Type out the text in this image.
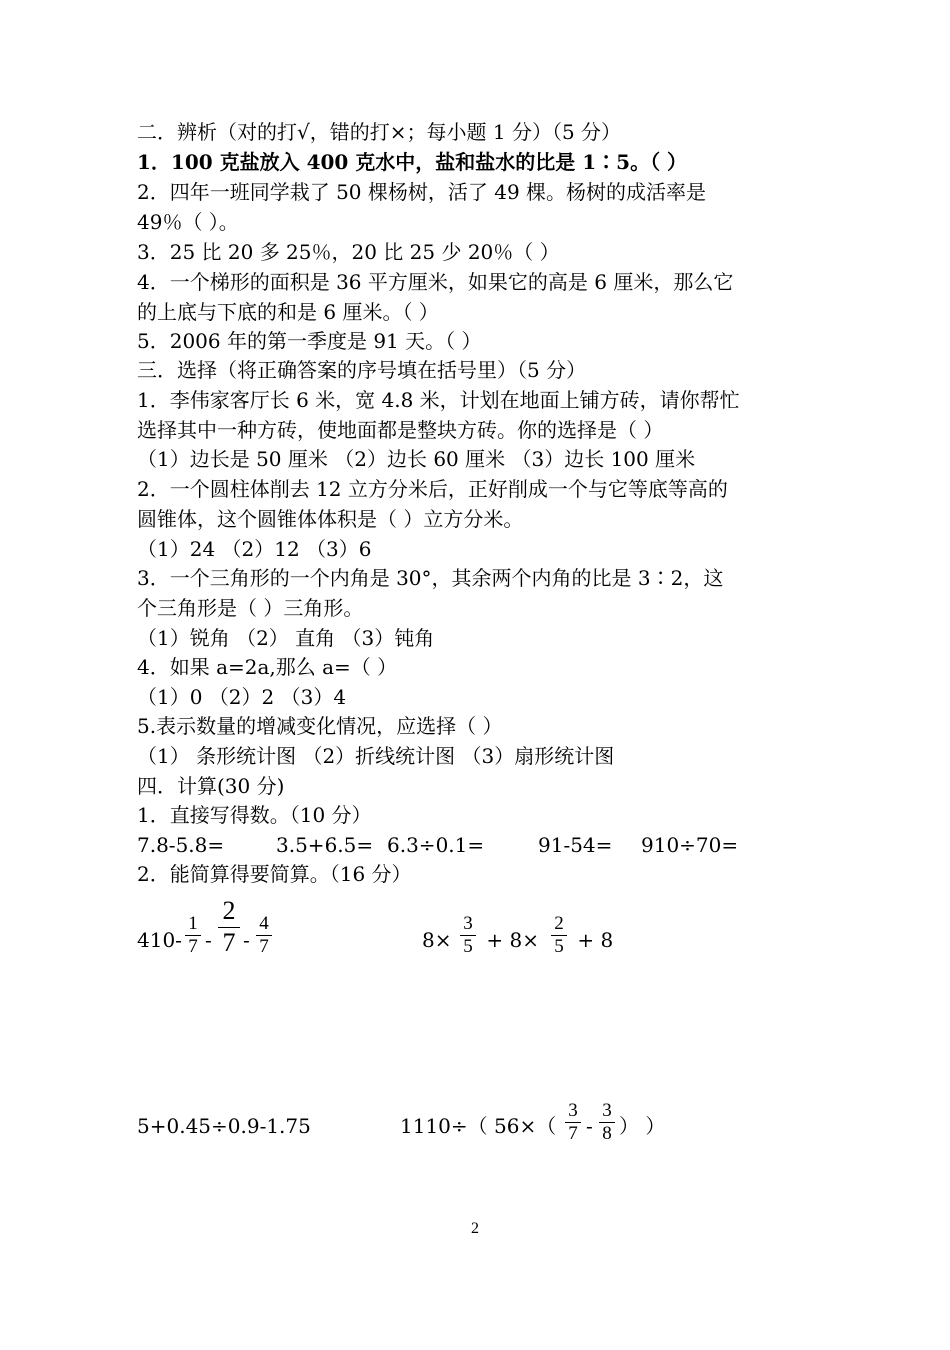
二．辨析（对的打√，错的打×；每小题 1 分）（5 分）
1．100 克盐放入 400 克水中，盐和盐水的比是 1∶5。（ ）
2．四年一班同学栽了 50 棵杨树，活了 49 棵。杨树的成活率是
49％（ ）。
3．25 比 20 多 25％，20 比 25 少 20％（ ）
4．一个梯形的面积是 36 平方厘米，如果它的高是 6 厘米，那么它
的上底与下底的和是 6 厘米。（ ）
5．2006 年的第一季度是 91 天。（ ）
三．选择（将正确答案的序号填在括号里）（5 分）
1．李伟家客厅长 6 米，宽 4.8 米，计划在地面上铺方砖，请你帮忙
选择其中一种方砖，使地面都是整块方砖。你的选择是（ ）
（1）边长是 50 厘米 （2）边长 60 厘米 （3）边长 100 厘米
2．一个圆柱体削去 12 立方分米后，正好削成一个与它等底等高的
圆锥体，这个圆锥体体积是（ ）立方分米。
（1）24 （2）12 （3）6
3．一个三角形的一个内角是 30°，其余两个内角的比是 3∶2，这
个三角形是（ ）三角形。
（1）锐角 （2） 直角 （3）钝角
4．如果 a=2a,那么 a=（ ）
（1）0 （2）2 （3）4
5.表示数量的增减变化情况，应选择（ ）
（1） 条形统计图 （2）折线统计图 （3）扇形统计图
四．计算(30 分)
1．直接写得数。（10 分）
7.8-5.8=	3.5+6.5= 6.3÷0.1=	91-54= 910÷70=
2．能简算得要简算。（16 分）
410-
1
7 -
2
7 -
4
7	8×
3
5 + 8×
2
5 + 8
5+0.45÷0.9-1.75	1110÷（ 56×（
3
7 -
3
8 ） ）
2
